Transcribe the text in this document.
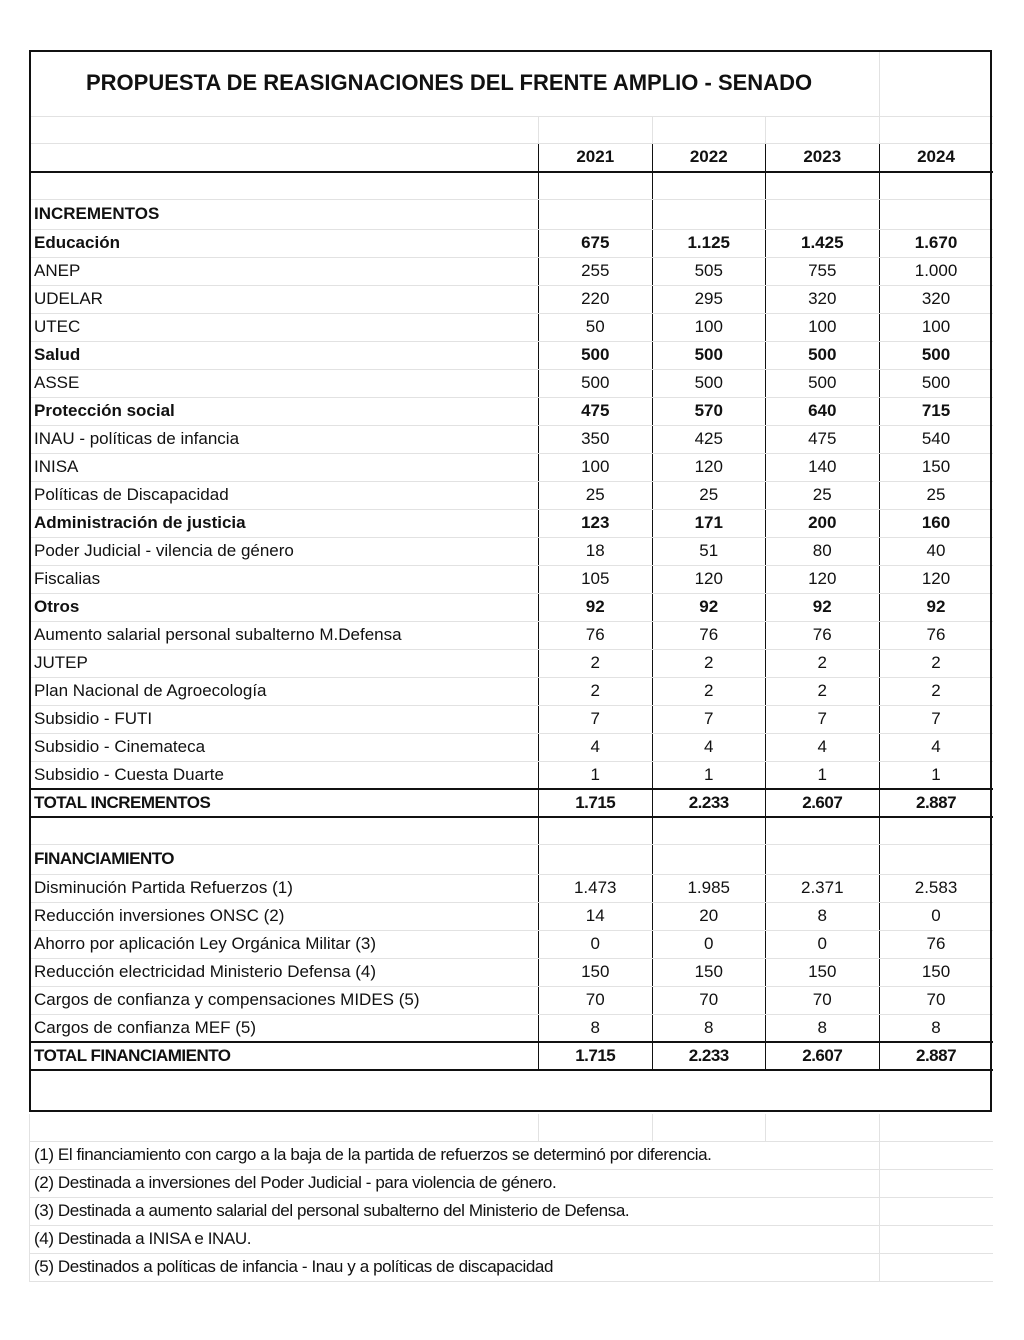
PROPUESTA DE REASIGNACIONES DEL FRENTE AMPLIO - SENADO				

	2021	2022	2023	2024

INCREMENTOS				
Educación	675	1.125	1.425	1.670
ANEP	255	505	755	1.000
UDELAR	220	295	320	320
UTEC	50	100	100	100
Salud	500	500	500	500
ASSE	500	500	500	500
Protección social	475	570	640	715
INAU - políticas de infancia	350	425	475	540
INISA	100	120	140	150
Políticas de Discapacidad	25	25	25	25
Administración de justicia	123	171	200	160
Poder Judicial - vilencia de género	18	51	80	40
Fiscalias	105	120	120	120
Otros	92	92	92	92
Aumento salarial personal subalterno M.Defensa	76	76	76	76
JUTEP	2	2	2	2
Plan Nacional de Agroecología	2	2	2	2
Subsidio - FUTI	7	7	7	7
Subsidio - Cinemateca	4	4	4	4
Subsidio - Cuesta Duarte	1	1	1	1
TOTAL INCREMENTOS	1.715	2.233	2.607	2.887

FINANCIAMIENTO				
Disminución Partida Refuerzos (1)	1.473	1.985	2.371	2.583
Reducción inversiones ONSC (2)	14	20	8	0
Ahorro por aplicación Ley Orgánica Militar (3)	0	0	0	76
Reducción electricidad Ministerio Defensa (4)	150	150	150	150
Cargos de confianza y compensaciones MIDES (5)	70	70	70	70
Cargos de confianza MEF (5)	8	8	8	8
TOTAL FINANCIAMIENTO	1.715	2.233	2.607	2.887

(1) El financiamiento con cargo a la baja de la partida de refuerzos se determinó por diferencia.				
(2) Destinada a inversiones del Poder Judicial - para violencia de género.				
(3) Destinada a aumento salarial del personal subalterno del Ministerio de Defensa.				
(4) Destinada a INISA e INAU.				
(5) Destinados a políticas de infancia - Inau y a políticas de discapacidad				
